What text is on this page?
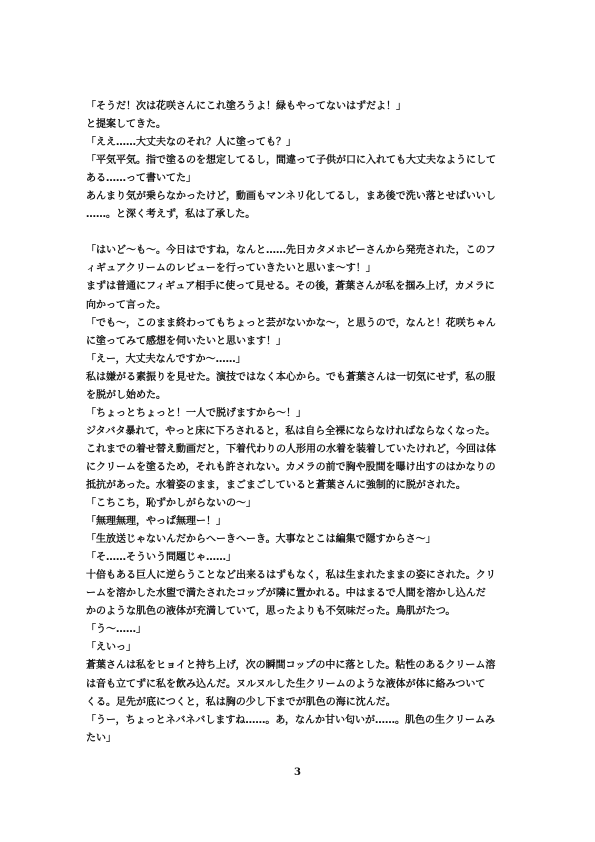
「そうだ！次は花咲さんにこれ塗ろうよ！緑もやってないはずだよ！」
と提案してきた。
「ええ……大丈夫なのそれ？人に塗っても？」
「平気平気。指で塗るのを想定してるし，間違って子供が口に入れても大丈夫なようにして
ある……って書いてた」
あんまり気が乗らなかったけど，動画もマンネリ化してるし，まあ後で洗い落とせばいいし
……。と深く考えず，私は了承した。
「はいど～も～。今日はですね，なんと……先日カタメホビーさんから発売された，このフ
ィギュアクリームのレビューを行っていきたいと思いま～す！」
まずは普通にフィギュア相手に使って見せる。その後，蒼葉さんが私を掴み上げ，カメラに
向かって言った。
「でも～，このまま終わってもちょっと芸がないかな～，と思うので，なんと！花咲ちゃん
に塗ってみて感想を伺いたいと思います！」
「えー，大丈夫なんですか～……」
私は嫌がる素振りを見せた。演技ではなく本心から。でも蒼葉さんは一切気にせず，私の服
を脱がし始めた。
「ちょっとちょっと！一人で脱げますから～！」
ジタバタ暴れて，やっと床に下ろされると，私は自ら全裸にならなければならなくなった。
これまでの着せ替え動画だと，下着代わりの人形用の水着を装着していたけれど，今回は体
にクリームを塗るため，それも許されない。カメラの前で胸や股間を曝け出すのはかなりの
抵抗があった。水着姿のまま，まごまごしていると蒼葉さんに強制的に脱がされた。
「こちこち，恥ずかしがらないの～」
「無理無理，やっぱ無理ー！」
「生放送じゃないんだからへーきへーき。大事なとこは編集で隠すからさ～」
「そ……そういう問題じゃ……」
十倍もある巨人に逆らうことなど出来るはずもなく，私は生まれたままの姿にされた。クリ
ームを溶かした水盥で満たされたコップが隣に置かれる。中はまるで人間を溶かし込んだ
かのような肌色の液体が充満していて，思ったよりも不気味だった。鳥肌がたつ。
「う～……」
「えいっ」
蒼葉さんは私をヒョイと持ち上げ，次の瞬間コップの中に落とした。粘性のあるクリーム溶
は音も立てずに私を飲み込んだ。ヌルヌルした生クリームのような液体が体に絡みついて
くる。足先が底につくと，私は胸の少し下までが肌色の海に沈んだ。
「うー，ちょっとネバネバしますね……。あ，なんか甘い匂いが……。肌色の生クリームみ
たい」
3
